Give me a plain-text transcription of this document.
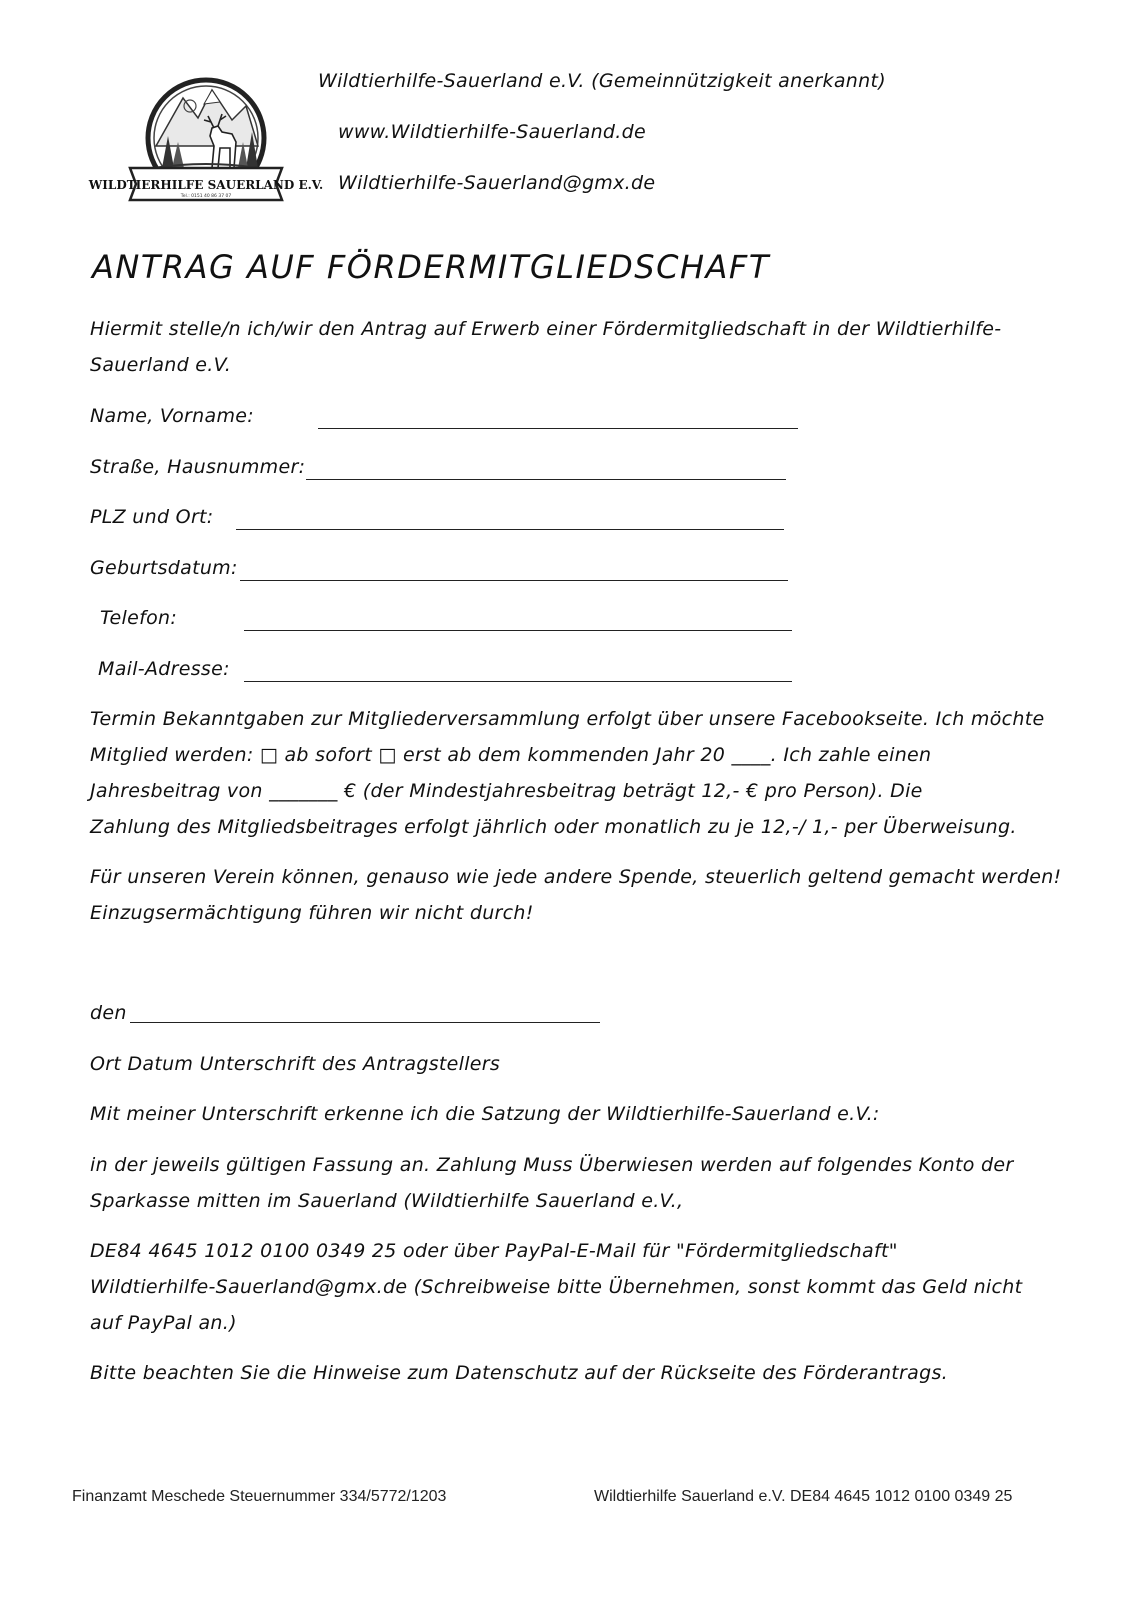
WILDTIERHILFE SAUERLAND E.V.
Tel.: 0151 40 86 37 07
Wildtierhilfe-Sauerland e.V. (Gemeinnützigkeit anerkannt)
www.Wildtierhilfe-Sauerland.de
Wildtierhilfe-Sauerland@gmx.de
ANTRAG AUF FÖRDERMITGLIEDSCHAFT
Hiermit stelle/n ich/wir den Antrag auf Erwerb einer Fördermitgliedschaft in der Wildtierhilfe-
Sauerland e.V.
Name, Vorname:
Straße, Hausnummer:
PLZ und Ort:
Geburtsdatum:
Telefon:
Mail-Adresse:
Termin Bekanntgaben zur Mitgliederversammlung erfolgt über unsere Facebookseite. Ich möchte
Mitglied werden: □ ab sofort □ erst ab dem kommenden Jahr 20 ____. Ich zahle einen
Jahresbeitrag von _______ € (der Mindestjahresbeitrag beträgt 12,- € pro Person). Die
Zahlung des Mitgliedsbeitrages erfolgt jährlich oder monatlich zu je 12,-/ 1,- per Überweisung.
Für unseren Verein können, genauso wie jede andere Spende, steuerlich geltend gemacht werden!
Einzugsermächtigung führen wir nicht durch!
den
Ort Datum Unterschrift des Antragstellers
Mit meiner Unterschrift erkenne ich die Satzung der Wildtierhilfe-Sauerland e.V.:
in der jeweils gültigen Fassung an. Zahlung Muss Überwiesen werden auf folgendes Konto der
Sparkasse mitten im Sauerland (Wildtierhilfe Sauerland e.V.,
DE84 4645 1012 0100 0349 25 oder über PayPal-E-Mail für "Fördermitgliedschaft"
Wildtierhilfe-Sauerland@gmx.de (Schreibweise bitte Übernehmen, sonst kommt das Geld nicht
auf PayPal an.)
Bitte beachten Sie die Hinweise zum Datenschutz auf der Rückseite des Förderantrags.
Finanzamt Meschede Steuernummer 334/5772/1203	Wildtierhilfe Sauerland e.V. DE84 4645 1012 0100 0349 25
